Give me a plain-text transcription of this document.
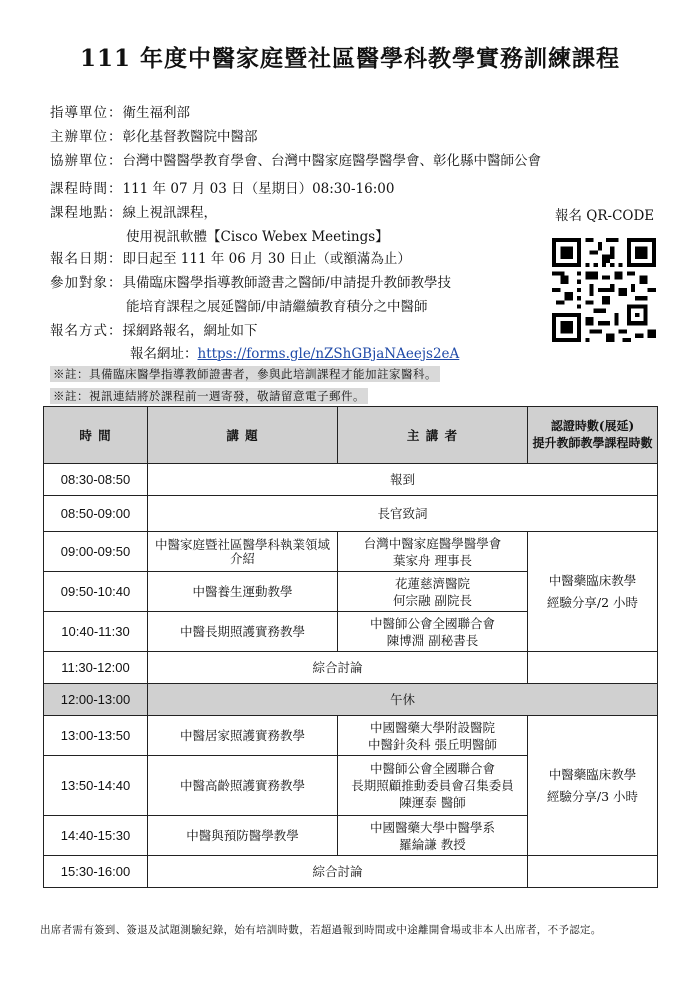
111 年度中醫家庭暨社區醫學科教學實務訓練課程
指導單位：衛生福利部
主辦單位：彰化基督教醫院中醫部
協辦單位：台灣中醫醫學教育學會、台灣中醫家庭醫學醫學會、彰化縣中醫師公會
課程時間：111 年 07 月 03 日（星期日）08:30-16:00
課程地點：線上視訊課程，
使用視訊軟體【Cisco Webex Meetings】
報名日期：即日起至 111 年 06 月 30 日止（或額滿為止）
參加對象：具備臨床醫學指導教師證書之醫師/申請提升教師教學技
能培育課程之展延醫師/申請繼續教育積分之中醫師
報名方式：採網路報名，網址如下
報名網址：https://forms.gle/nZShGBjaNAeejs2eA
報名 QR-CODE
※註：具備臨床醫學指導教師證書者，參與此培訓課程才能加註家醫科。
※註：視訊連結將於課程前一週寄發，敬請留意電子郵件。
時 間	講 題	主 講 者	認證時數(展延)
提升教師教學課程時數
08:30-08:50	報到		
08:50-09:00	長官致詞		
09:00-09:50	中醫家庭暨社區醫學科執業領域介紹	台灣中醫家庭醫學醫學會
葉家舟 理事長	中醫藥臨床教學
經驗分享/2 小時
09:50-10:40	中醫養生運動教學	花蓮慈濟醫院
何宗融 副院長	
10:40-11:30	中醫長期照護實務教學	中醫師公會全國聯合會
陳博淵 副秘書長	
11:30-12:00	綜合討論		
12:00-13:00	午休		
13:00-13:50	中醫居家照護實務教學	中國醫藥大學附設醫院
中醫針灸科 張丘明醫師	中醫藥臨床教學
經驗分享/3 小時
13:50-14:40	中醫高齡照護實務教學	中醫師公會全國聯合會
長期照顧推動委員會召集委員
陳運泰 醫師	
14:40-15:30	中醫與預防醫學教學	中國醫藥大學中醫學系
羅綸謙 教授	
15:30-16:00	綜合討論		
出席者需有簽到、簽退及試題測驗紀錄，始有培訓時數，若超過報到時間或中途離開會場或非本人出席者，不予認定。
